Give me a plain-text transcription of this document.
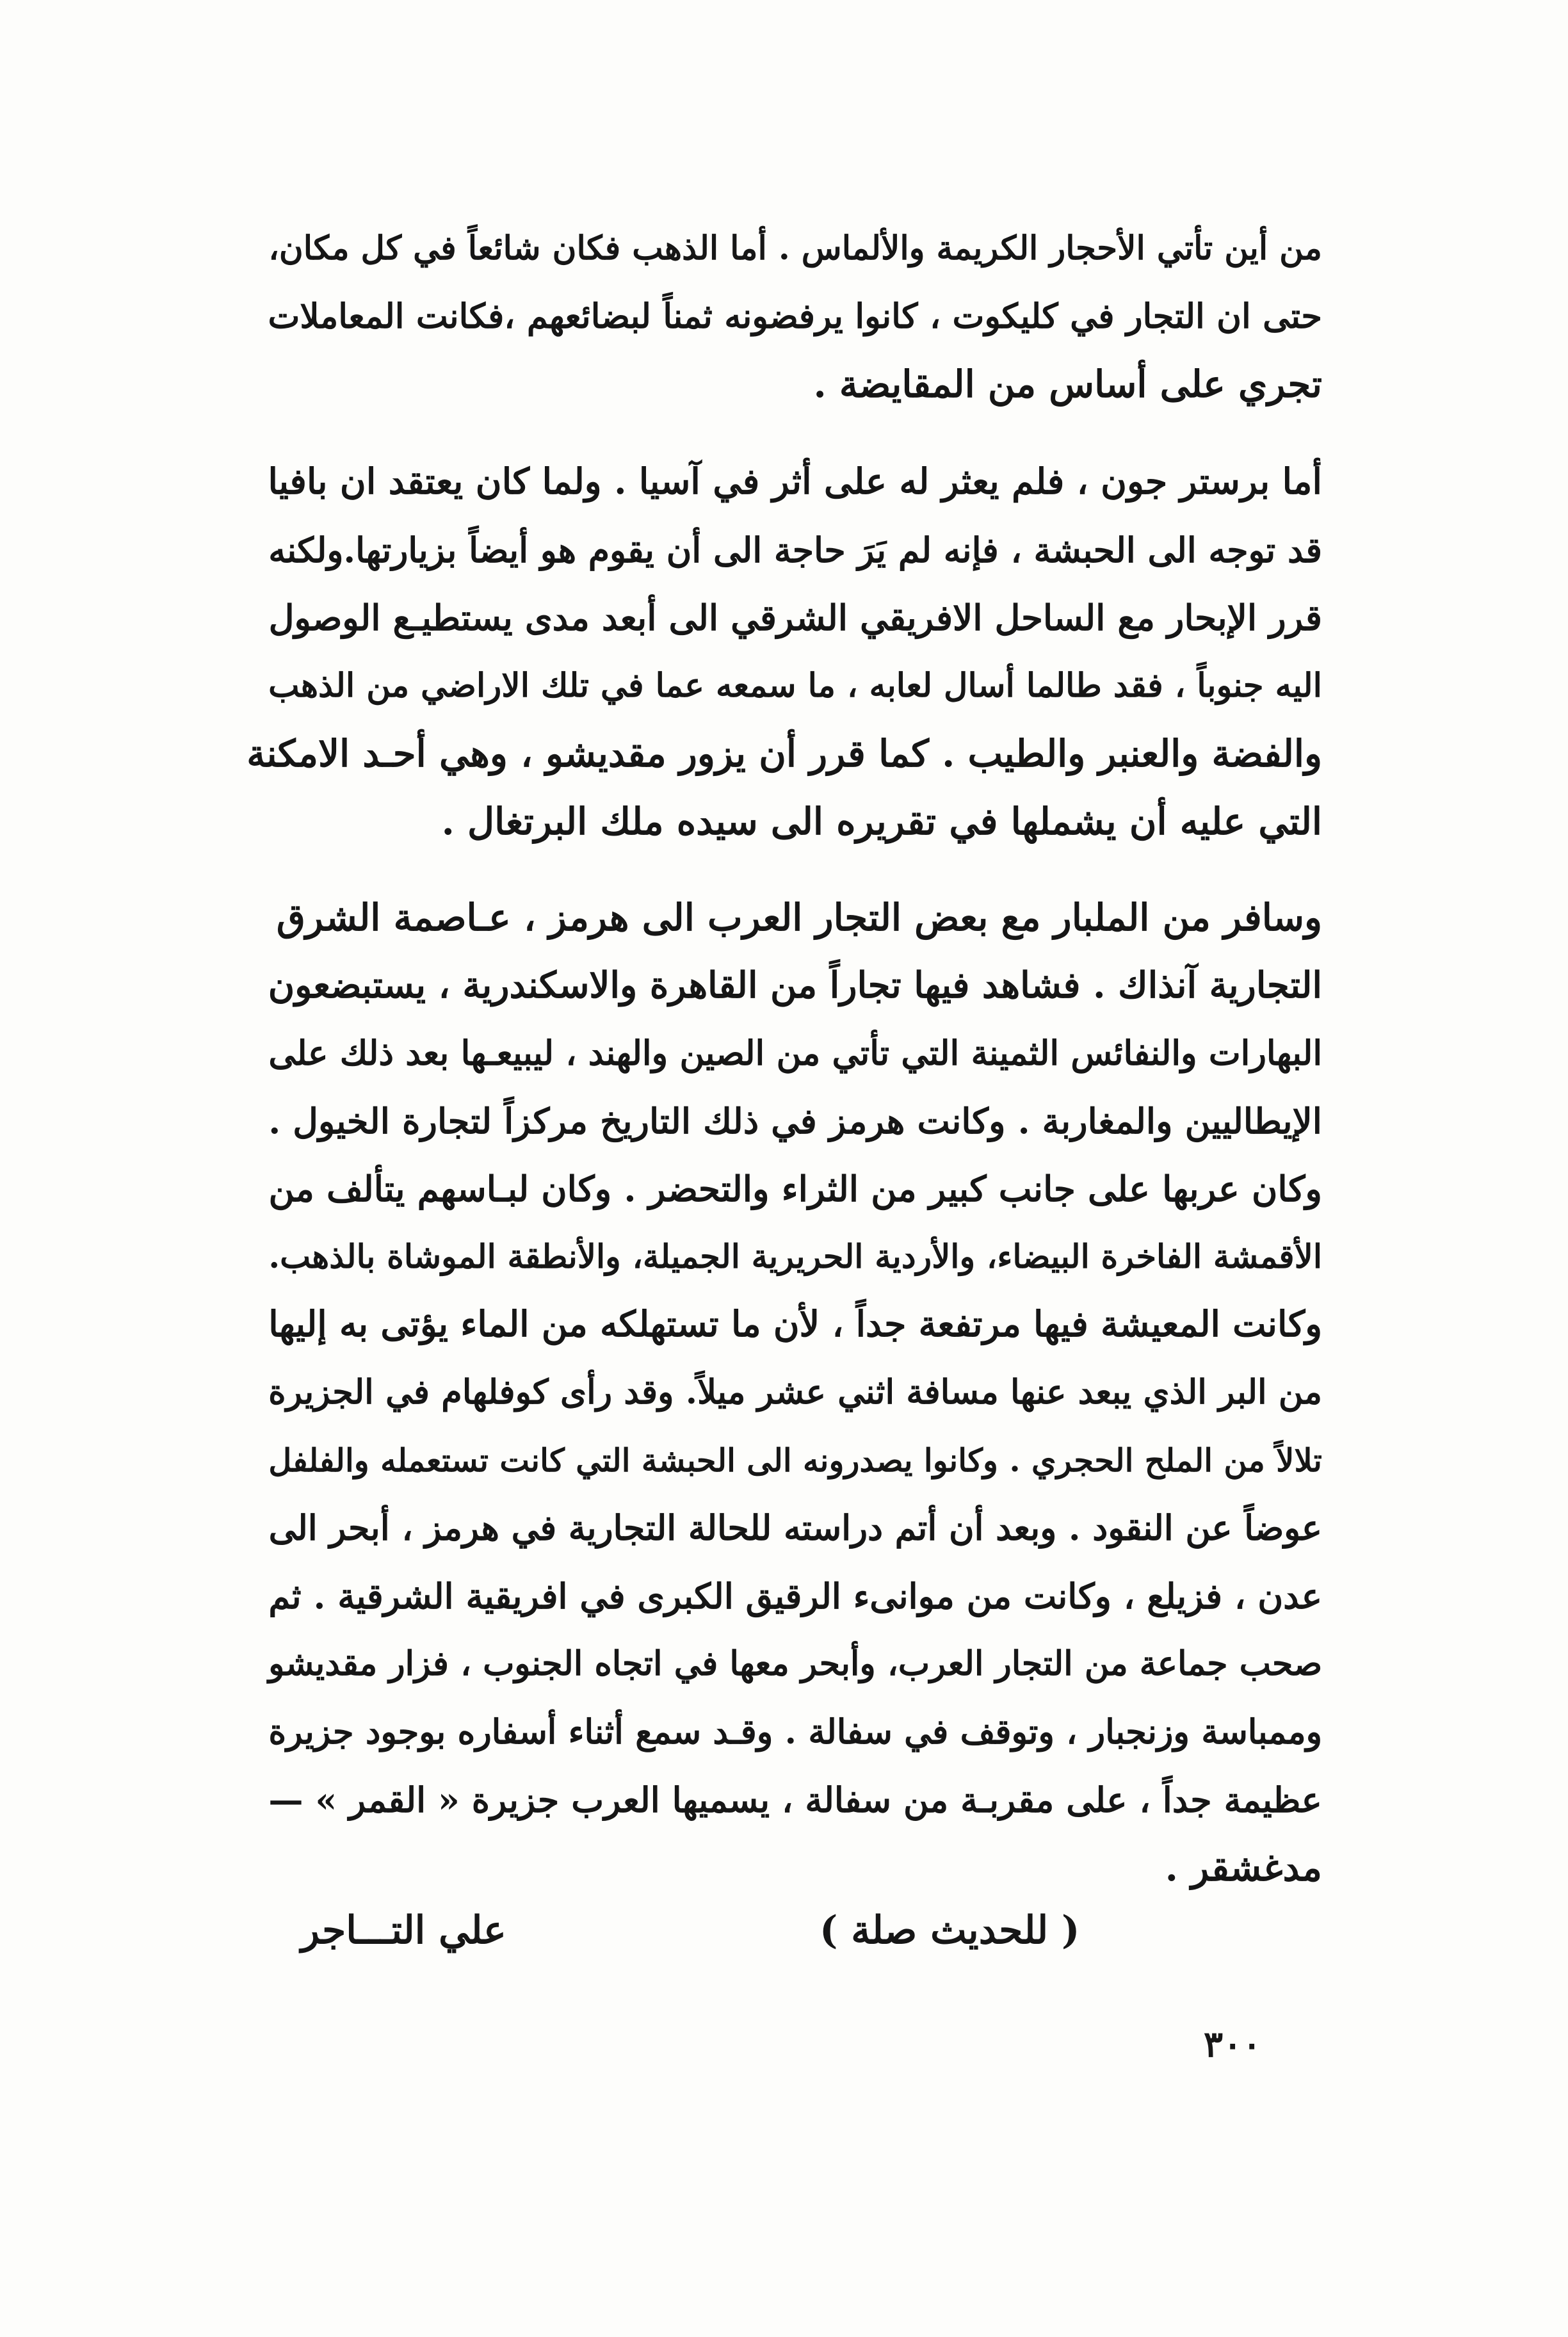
من أين تأتي الأحجار الكريمة والألماس . أما الذهب فكان شائعاً في كل مكان،
حتى ان التجار في كليكوت ، كانوا يرفضونه ثمناً لبضائعهم ،فكانت المعاملات
تجري على أساس من المقايضة .
أما برستر جون ، فلم يعثر له على أثر في آسيا . ولما كان يعتقد ان بافيا
قد توجه الى الحبشة ، فإنه لم يَرَ حاجة الى أن يقوم هو أيضاً بزيارتها.ولكنه
قرر الإبحار مع الساحل الافريقي الشرقي الى أبعد مدى يستطيـع الوصول
اليه جنوباً ، فقد طالما أسال لعابه ، ما سمعه عما في تلك الاراضي من الذهب
والفضة والعنبر والطيب . كما قرر أن يزور مقديشو ، وهي أحـد الامكنة
التي عليه أن يشملها في تقريره الى سيده ملك البرتغال .
وسافر من الملبار مع بعض التجار العرب الى هرمز ، عـاصمة الشرق
التجارية آنذاك . فشاهد فيها تجاراً من القاهرة والاسكندرية ، يستبضعون
البهارات والنفائس الثمينة التي تأتي من الصين والهند ، ليبيعـها بعد ذلك على
الإيطاليين والمغاربة . وكانت هرمز في ذلك التاريخ مركزاً لتجارة الخيول .
وكان عربها على جانب كبير من الثراء والتحضر . وكان لبـاسهم يتألف من
الأقمشة الفاخرة البيضاء، والأردية الحريرية الجميلة، والأنطقة الموشاة بالذهب.
وكانت المعيشة فيها مرتفعة جداً ، لأن ما تستهلكه من الماء يؤتى به إليها
من البر الذي يبعد عنها مسافة اثني عشر ميلاً. وقد رأى كوفلهام في الجزيرة
تلالاً من الملح الحجري . وكانوا يصدرونه الى الحبشة التي كانت تستعمله والفلفل
عوضاً عن النقود . وبعد أن أتم دراسته للحالة التجارية في هرمز ، أبحر الى
عدن ، فزيلع ، وكانت من موانىء الرقيق الكبرى في افريقية الشرقية . ثم
صحب جماعة من التجار العرب، وأبحر معها في اتجاه الجنوب ، فزار مقديشو
وممباسة وزنجبار ، وتوقف في سفالة . وقـد سمع أثناء أسفاره بوجود جزيرة
عظيمة جداً ، على مقربـة من سفالة ، يسميها العرب جزيرة « القمر » —
مدغشقر .
( للحديث صلة )
علي التـــاجر
٣٠٠
